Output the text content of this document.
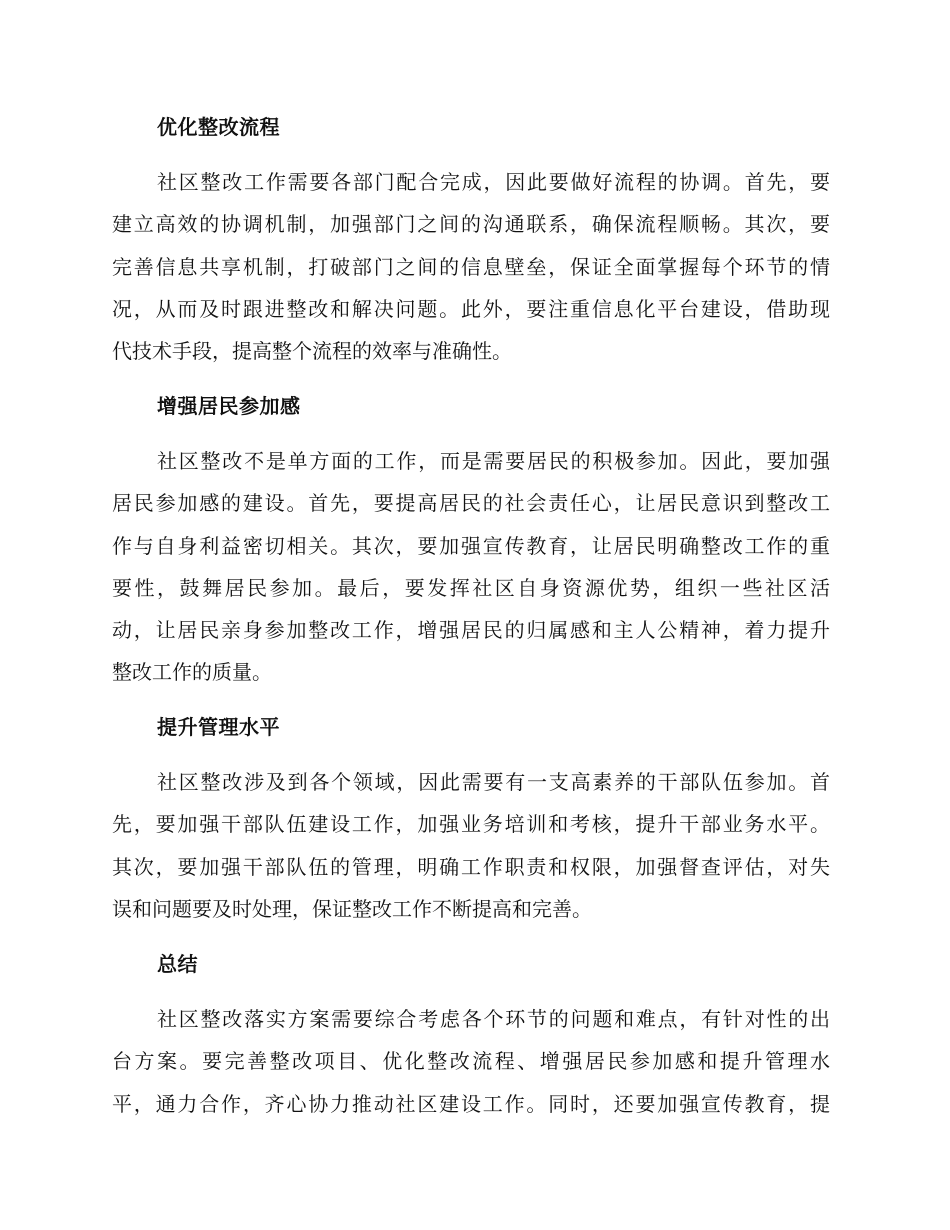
优化整改流程
社区整改工作需要各部门配合完成，因此要做好流程的协调。首先，要
建立高效的协调机制，加强部门之间的沟通联系，确保流程顺畅。其次，要
完善信息共享机制，打破部门之间的信息壁垒，保证全面掌握每个环节的情
况，从而及时跟进整改和解决问题。此外，要注重信息化平台建设，借助现
代技术手段，提高整个流程的效率与准确性。
增强居民参加感
社区整改不是单方面的工作，而是需要居民的积极参加。因此，要加强
居民参加感的建设。首先，要提高居民的社会责任心，让居民意识到整改工
作与自身利益密切相关。其次，要加强宣传教育，让居民明确整改工作的重
要性，鼓舞居民参加。最后，要发挥社区自身资源优势，组织一些社区活
动，让居民亲身参加整改工作，增强居民的归属感和主人公精神，着力提升
整改工作的质量。
提升管理水平
社区整改涉及到各个领域，因此需要有一支高素养的干部队伍参加。首
先，要加强干部队伍建设工作，加强业务培训和考核，提升干部业务水平。
其次，要加强干部队伍的管理，明确工作职责和权限，加强督查评估，对失
误和问题要及时处理，保证整改工作不断提高和完善。
总结
社区整改落实方案需要综合考虑各个环节的问题和难点，有针对性的出
台方案。要完善整改项目、优化整改流程、增强居民参加感和提升管理水
平，通力合作，齐心协力推动社区建设工作。同时，还要加强宣传教育，提
